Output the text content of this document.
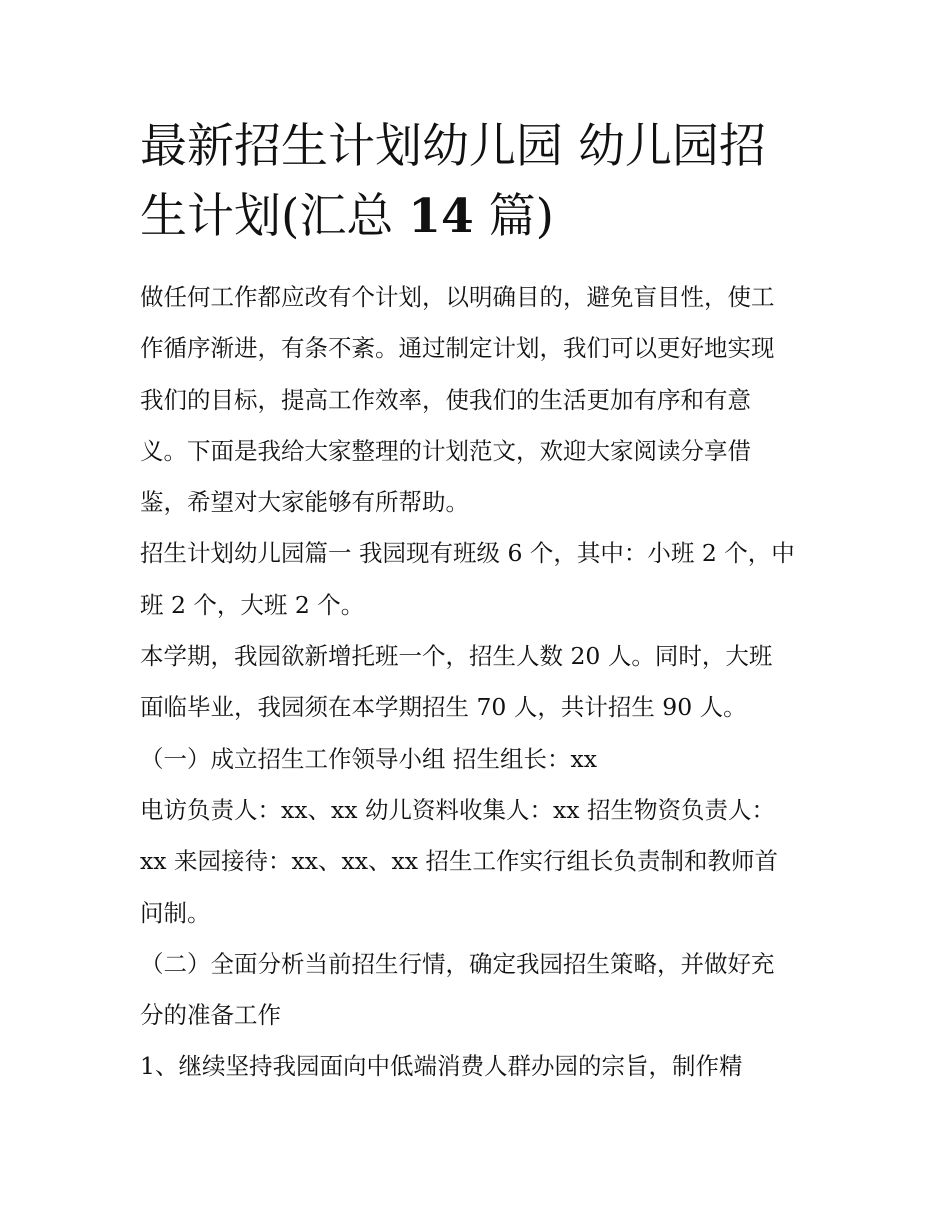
最新招生计划幼儿园 幼儿园招
生计划(汇总 14 篇)

做任何工作都应改有个计划，以明确目的，避免盲目性，使工
作循序渐进，有条不紊。通过制定计划，我们可以更好地实现
我们的目标，提高工作效率，使我们的生活更加有序和有意
义。下面是我给大家整理的计划范文，欢迎大家阅读分享借
鉴，希望对大家能够有所帮助。

招生计划幼儿园篇一 我园现有班级 6 个，其中：小班 2 个，中
班 2 个，大班 2 个。

本学期，我园欲新增托班一个，招生人数 20 人。同时，大班
面临毕业，我园须在本学期招生 70 人，共计招生 90 人。

（一）成立招生工作领导小组 招生组长：xx

电访负责人：xx、xx 幼儿资料收集人：xx 招生物资负责人：
xx 来园接待：xx、xx、xx 招生工作实行组长负责制和教师首
问制。

（二）全面分析当前招生行情，确定我园招生策略，并做好充
分的准备工作

1、继续坚持我园面向中低端消费人群办园的宗旨，制作精
